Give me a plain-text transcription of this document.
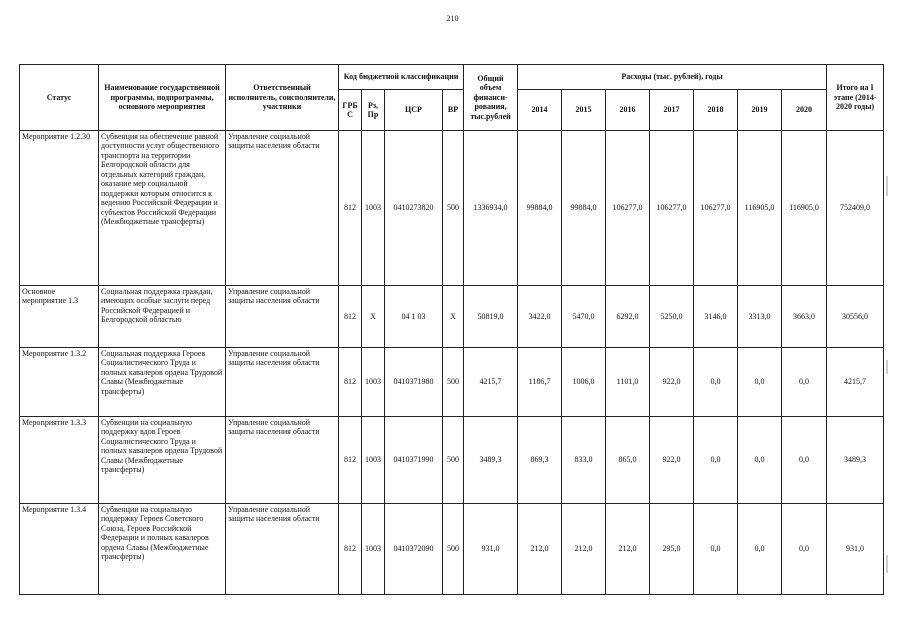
210
Статус	Наименование государственной программы, подпрограммы, основного мероприятия	Ответственный исполнитель, соисполнители, участники	Код бюджетной классификации				Общий объем финанси- рования, тыс.рублей	Расходы (тыс. рублей), годы							Итого на I этапе (2014-2020 годы)
			ГРБ С	Рз, Пр	ЦСР	ВР		2014	2015	2016	2017	2018	2019	2020	
Мероприятие 1.2.30	Субвенция на обеспечение равной доступности услуг общественного транспорта на территории Белгородской области для отдельных категорий граждан, оказание мер социальной поддержки которым относится к ведению Российской Федерации и субъектов Российской Федерации (Межбюджетные трансферты)	Управление социальной защиты населения области	812	1003	0410273820	500	1336934,0	99884,0	99884,0	106277,0	106277,0	106277,0	116905,0	116905,0	752409,0
Основное мероприятие 1.3	Социальная поддержка граждан, имеющих особые заслуги перед Российской Федерацией и Белгородской областью	Управление социальной защиты населения области	812	X	04 1 03	X	50819,0	3422,0	5470,0	6292,0	5250,0	3146,0	3313,0	3663,0	30556,0
Мероприятие 1.3.2	Социальная поддержка Героев Социалистического Труда и полных кавалеров ордена Трудовой Славы (Межбюджетные трансферты)	Управление социальной защиты населения области	812	1003	0410371980	500	4215,7	1186,7	1006,0	1101,0	922,0	0,0	0,0	0,0	4215,7
Мероприятие 1.3.3	Субвенции на социальную поддержку вдов Героев Социалистического Труда и полных кавалеров ордена Трудовой Славы (Межбюджетные трансферты)	Управление социальной защиты населения области	812	1003	0410371990	500	3489,3	869,3	833,0	865,0	922,0	0,0	0,0	0,0	3489,3
Мероприятие 1.3.4	Субвенции на социальную поддержку Героев Советского Союза, Героев Российской Федерации и полных кавалеров ордена Славы (Межбюджетные трансферты)	Управление социальной защиты населения области	812	1003	0410372090	500	931,0	212,0	212,0	212,0	295,0	0,0	0,0	0,0	931,0
